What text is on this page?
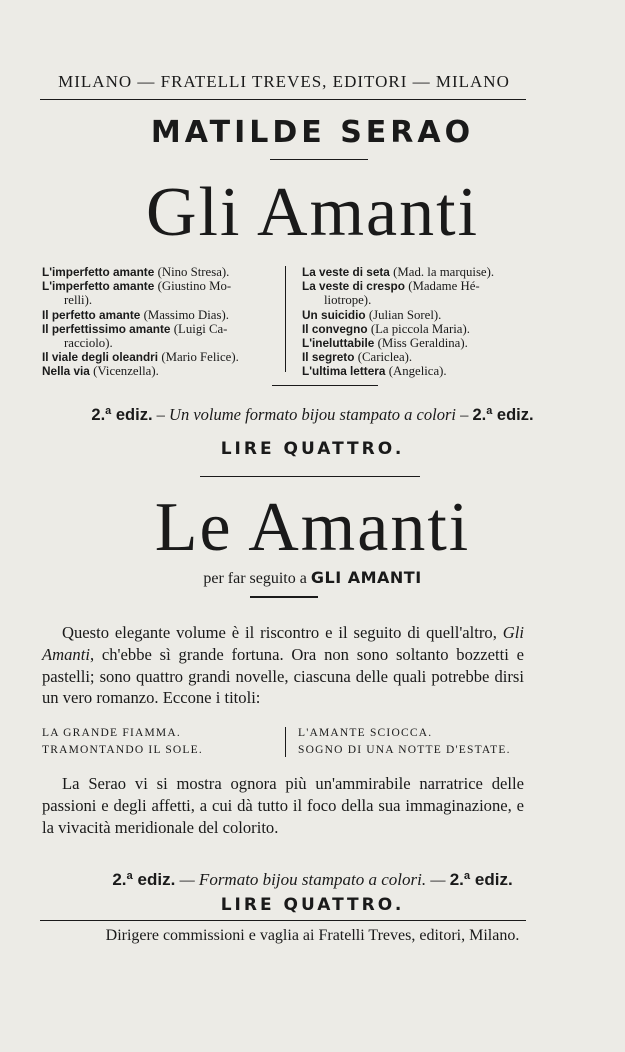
MILANO — FRATELLI TREVES, EDITORI — MILANO
MATILDE SERAO
Gli Amanti
L'imperfetto amante (Nino Stresa).
L'imperfetto amante (Giustino Mo-
relli).
Il perfetto amante (Massimo Dias).
Il perfettissimo amante (Luigi Ca-
racciolo).
Il viale degli oleandri (Mario Felice).
Nella via (Vicenzella).
La veste di seta (Mad. la marquise).
La veste di crespo (Madame Hé-
liotrope).
Un suicidio (Julian Sorel).
Il convegno (La piccola Maria).
L'ineluttabile (Miss Geraldina).
Il segreto (Cariclea).
L'ultima lettera (Angelica).
2.ª ediz. – Un volume formato bijou stampato a colori – 2.ª ediz.
LIRE QUATTRO.
Le Amanti
per far seguito a GLI AMANTI
Questo elegante volume è il riscontro e il seguito di quell'altro, Gli Amanti, ch'ebbe sì grande fortuna. Ora non sono soltanto bozzetti e pastelli; sono quattro grandi novelle, ciascuna delle quali potrebbe dirsi un vero romanzo. Eccone i titoli:
LA GRANDE FIAMMA.
TRAMONTANDO IL SOLE.
L'AMANTE SCIOCCA.
SOGNO DI UNA NOTTE D'ESTATE.
La Serao vi si mostra ognora più un'ammirabile narratrice delle passioni e degli affetti, a cui dà tutto il foco della sua immaginazione, e la vivacità meridionale del colorito.
2.ª ediz. — Formato bijou stampato a colori. — 2.ª ediz.
LIRE QUATTRO.
Dirigere commissioni e vaglia ai Fratelli Treves, editori, Milano.
